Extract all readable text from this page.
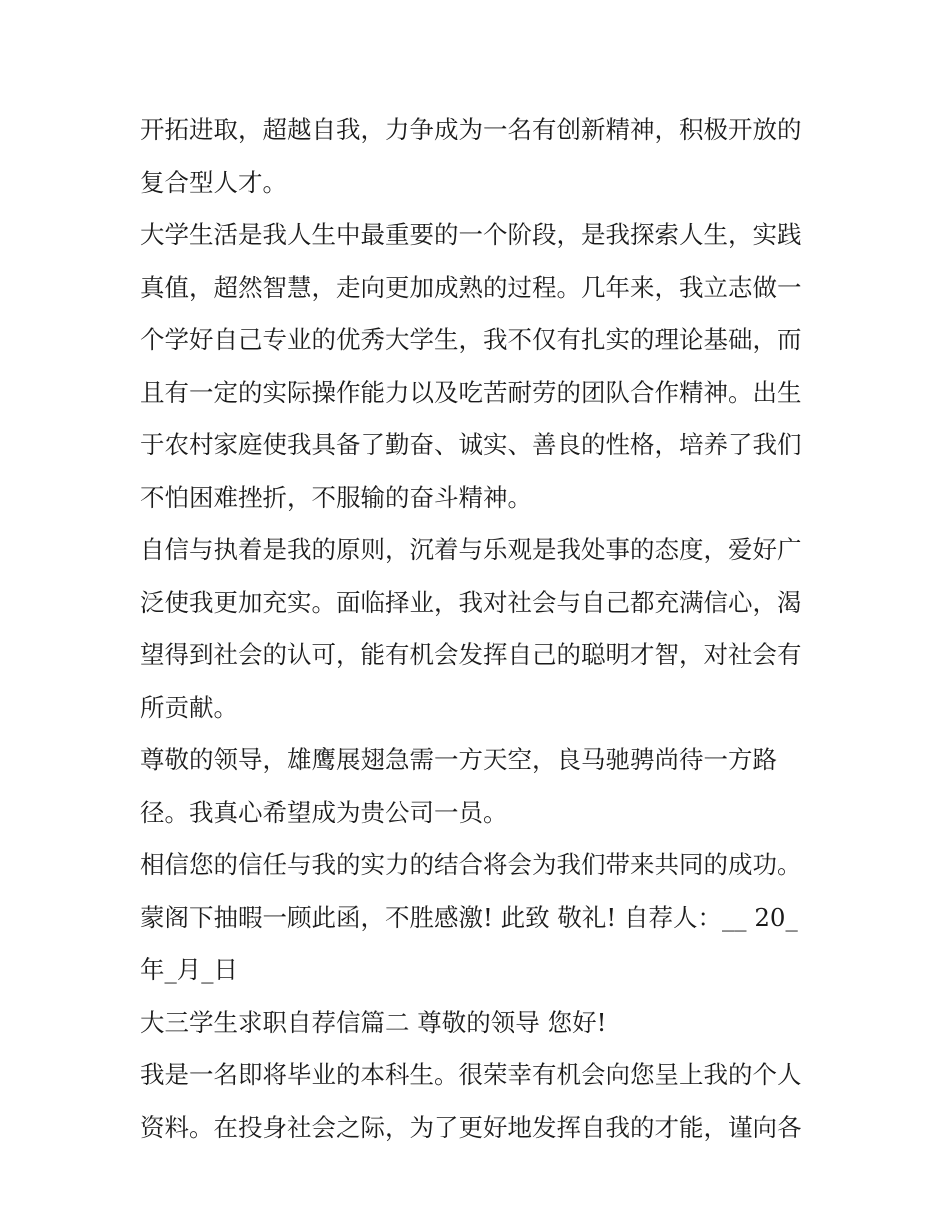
开拓进取，超越自我，力争成为一名有创新精神，积极开放的
复合型人才。
大学生活是我人生中最重要的一个阶段，是我探索人生，实践
真值，超然智慧，走向更加成熟的过程。几年来，我立志做一
个学好自己专业的优秀大学生，我不仅有扎实的理论基础，而
且有一定的实际操作能力以及吃苦耐劳的团队合作精神。出生
于农村家庭使我具备了勤奋、诚实、善良的性格，培养了我们
不怕困难挫折，不服输的奋斗精神。
自信与执着是我的原则，沉着与乐观是我处事的态度，爱好广
泛使我更加充实。面临择业，我对社会与自己都充满信心，渴
望得到社会的认可，能有机会发挥自己的聪明才智，对社会有
所贡献。
尊敬的领导，雄鹰展翅急需一方天空，良马驰骋尚待一方路
径。我真心希望成为贵公司一员。
相信您的信任与我的实力的结合将会为我们带来共同的成功。
蒙阁下抽暇一顾此函，不胜感激! 此致 敬礼! 自荐人：__ 20_
年_月_日
大三学生求职自荐信篇二 尊敬的领导 您好!
我是一名即将毕业的本科生。很荣幸有机会向您呈上我的个人
资料。在投身社会之际，为了更好地发挥自我的才能，谨向各
